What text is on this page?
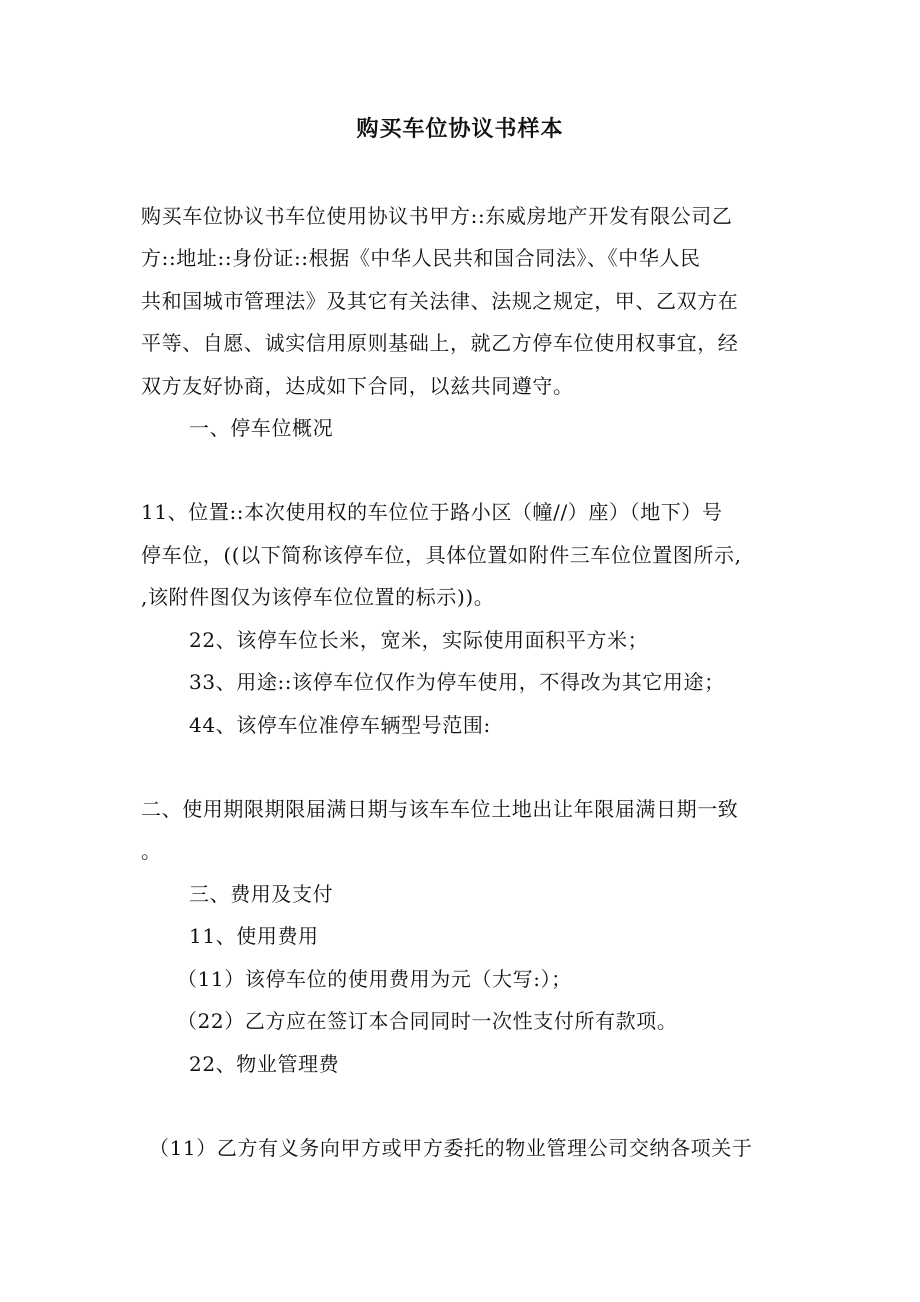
购买车位协议书样本
购买车位协议书车位使用协议书甲方::东威房地产开发有限公司乙
方::地址::身份证::根据《中华人民共和国合同法》、《中华人民
共和国城市管理法》及其它有关法律、法规之规定，甲、乙双方在
平等、自愿、诚实信用原则基础上，就乙方停车位使用权事宜，经
双方友好协商，达成如下合同，以兹共同遵守。
一、停车位概况
11、位置::本次使用权的车位位于路小区（幢//）座）（地下）号
停车位，((以下简称该停车位，具体位置如附件三车位位置图所示,
,该附件图仅为该停车位位置的标示))。
22、该停车位长米，宽米，实际使用面积平方米；
33、用途::该停车位仅作为停车使用，不得改为其它用途；
44、该停车位准停车辆型号范围:
二、使用期限期限届满日期与该车车位土地出让年限届满日期一致
。
三、费用及支付
11、使用费用
（11）该停车位的使用费用为元（大写:）；
（22）乙方应在签订本合同同时一次性支付所有款项。
22、物业管理费
（11）乙方有义务向甲方或甲方委托的物业管理公司交纳各项关于
